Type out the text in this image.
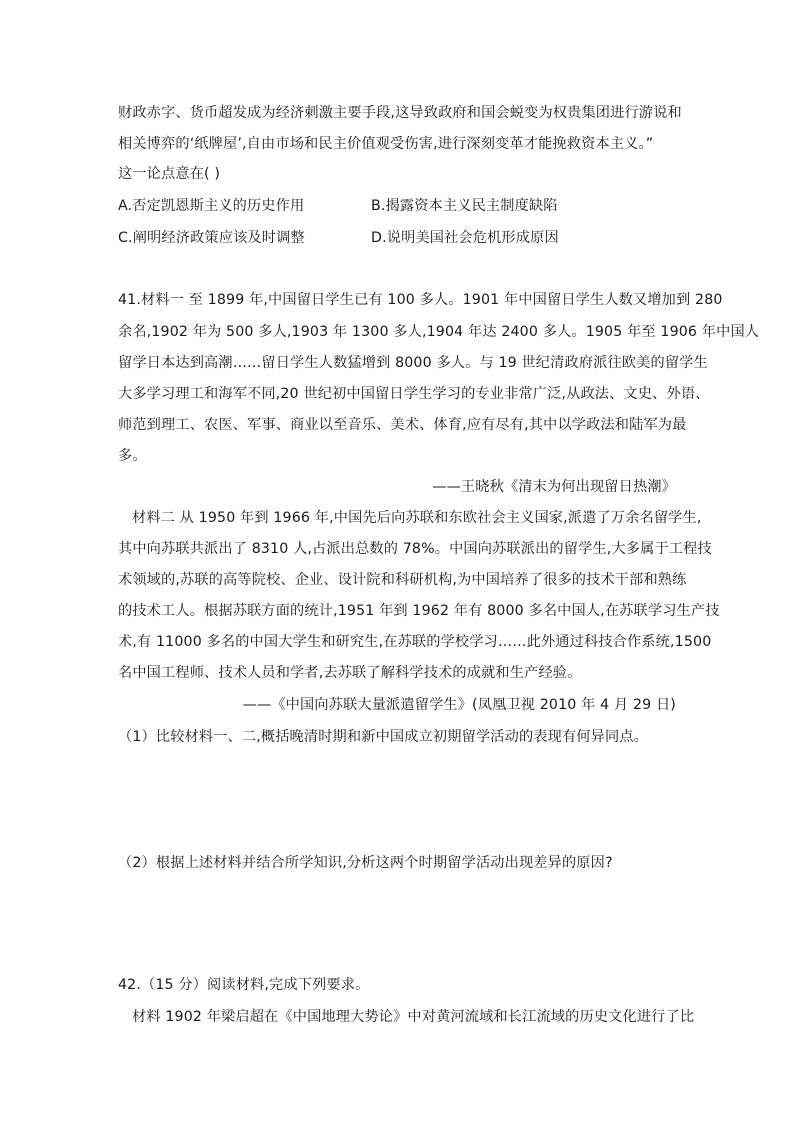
财政赤字、货币超发成为经济刺激主要手段,这导致政府和国会蜕变为权贵集团进行游说和
相关博弈的‘纸牌屋’,自由市场和民主价值观受伤害,进行深刻变革才能挽救资本主义。”
这一论点意在( )
A.否定凯恩斯主义的历史作用	B.揭露资本主义民主制度缺陷
C.阐明经济政策应该及时调整	D.说明美国社会危机形成原因
41.材料一 至 1899 年,中国留日学生已有 100 多人。1901 年中国留日学生人数又增加到 280
余名,1902 年为 500 多人,1903 年 1300 多人,1904 年达 2400 多人。1905 年至 1906 年中国人
留学日本达到高潮……留日学生人数猛增到 8000 多人。与 19 世纪清政府派往欧美的留学生
大多学习理工和海军不同,20 世纪初中国留日学生学习的专业非常广泛,从政法、文史、外语、
师范到理工、农医、军事、商业以至音乐、美术、体育,应有尽有,其中以学政法和陆军为最
多。
——王晓秋《清末为何出现留日热潮》
材料二 从 1950 年到 1966 年,中国先后向苏联和东欧社会主义国家,派遣了万余名留学生,
其中向苏联共派出了 8310 人,占派出总数的 78%。中国向苏联派出的留学生,大多属于工程技
术领域的,苏联的高等院校、企业、设计院和科研机构,为中国培养了很多的技术干部和熟练
的技术工人。根据苏联方面的统计,1951 年到 1962 年有 8000 多名中国人,在苏联学习生产技
术,有 11000 多名的中国大学生和研究生,在苏联的学校学习……此外通过科技合作系统,1500
名中国工程师、技术人员和学者,去苏联了解科学技术的成就和生产经验。
——《中国向苏联大量派遣留学生》(凤凰卫视 2010 年 4 月 29 日)
（1）比较材料一、二,概括晚清时期和新中国成立初期留学活动的表现有何异同点。
（2）根据上述材料并结合所学知识,分析这两个时期留学活动出现差异的原因?
42.（15 分）阅读材料,完成下列要求。
材料 1902 年梁启超在《中国地理大势论》中对黄河流域和长江流域的历史文化进行了比
